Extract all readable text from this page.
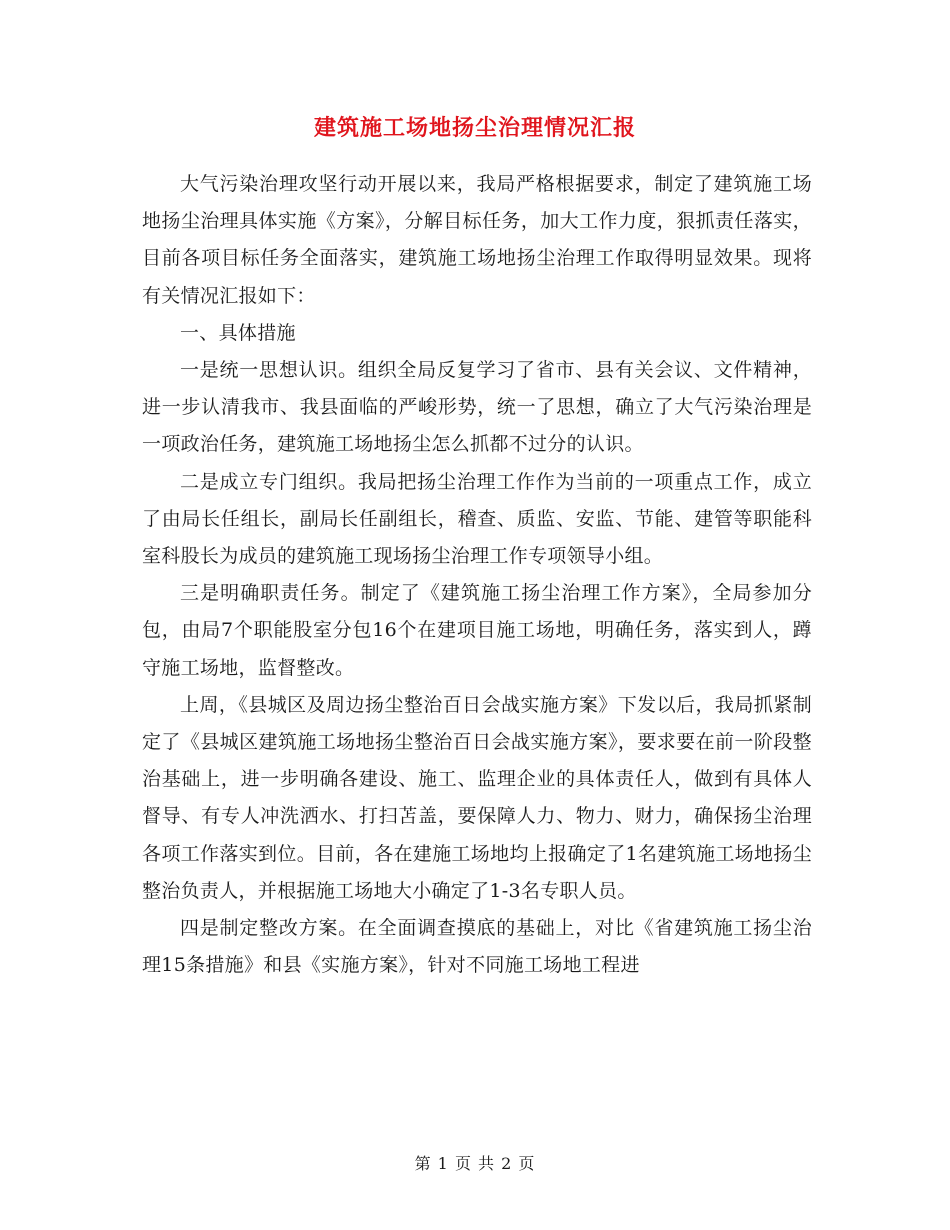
建筑施工场地扬尘治理情况汇报

大气污染治理攻坚行动开展以来，我局严格根据要求，制定了建筑施工场地扬尘治理具体实施《方案》，分解目标任务，加大工作力度，狠抓责任落实，目前各项目标任务全面落实，建筑施工场地扬尘治理工作取得明显效果。现将有关情况汇报如下：

一、具体措施

一是统一思想认识。组织全局反复学习了省市、县有关会议、文件精神，进一步认清我市、我县面临的严峻形势，统一了思想，确立了大气污染治理是一项政治任务，建筑施工场地扬尘怎么抓都不过分的认识。

二是成立专门组织。我局把扬尘治理工作作为当前的一项重点工作，成立了由局长任组长，副局长任副组长，稽查、质监、安监、节能、建管等职能科室科股长为成员的建筑施工现场扬尘治理工作专项领导小组。

三是明确职责任务。制定了《建筑施工扬尘治理工作方案》，全局参加分包，由局7个职能股室分包16个在建项目施工场地，明确任务，落实到人，蹲守施工场地，监督整改。

上周，《县城区及周边扬尘整治百日会战实施方案》下发以后，我局抓紧制定了《县城区建筑施工场地扬尘整治百日会战实施方案》，要求要在前一阶段整治基础上，进一步明确各建设、施工、监理企业的具体责任人，做到有具体人督导、有专人冲洗洒水、打扫苫盖，要保障人力、物力、财力，确保扬尘治理各项工作落实到位。目前，各在建施工场地均上报确定了1名建筑施工场地扬尘整治负责人，并根据施工场地大小确定了1-3名专职人员。

四是制定整改方案。在全面调查摸底的基础上，对比《省建筑施工扬尘治理15条措施》和县《实施方案》，针对不同施工场地工程进

第 1 页 共 2 页
